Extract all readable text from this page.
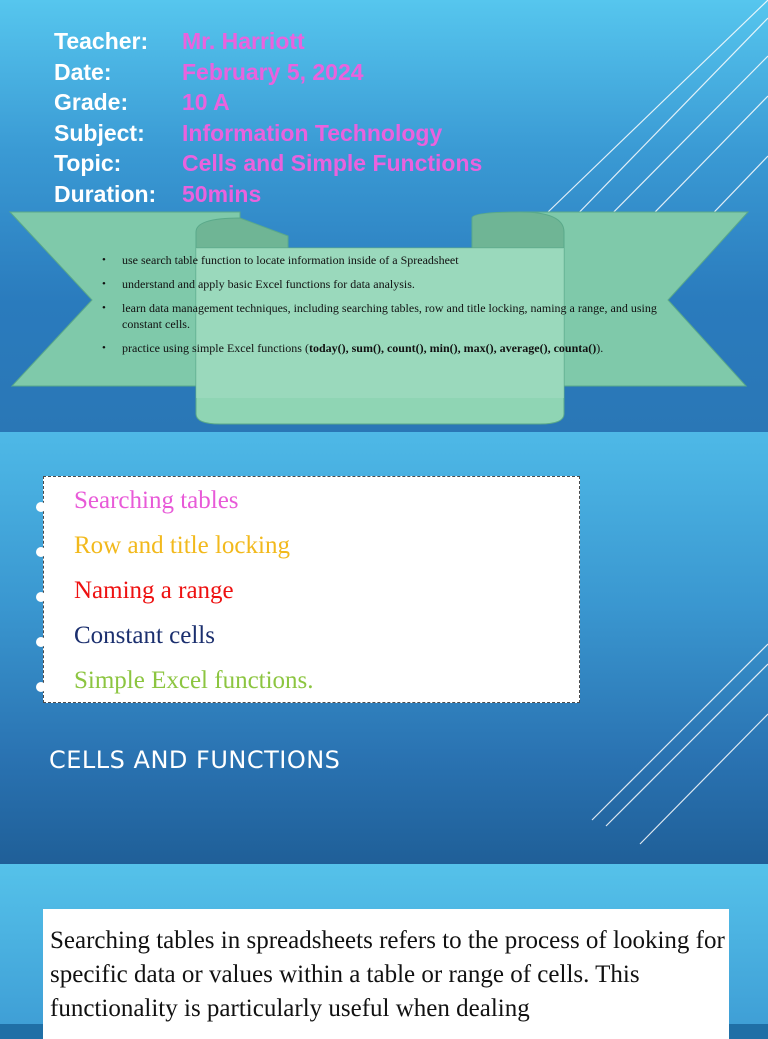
Teacher:	Mr. Harriott
Date:	February 5, 2024
Grade:	10 A
Subject:	Information Technology
Topic:	Cells and Simple Functions
Duration:	50mins
• use search table function to locate information inside of a Spreadsheet
• understand and apply basic Excel functions for data analysis.
• learn data management techniques, including searching tables, row and title locking, naming a range, and using constant cells.
• practice using simple Excel functions (today(), sum(), count(), min(), max(), average(), counta()).
Searching tables
Row and title locking
Naming a range
Constant cells
Simple Excel functions.
CELLS AND FUNCTIONS
Searching tables in spreadsheets refers to the process of looking for specific data or values within a table or range of cells. This functionality is particularly useful when dealing
